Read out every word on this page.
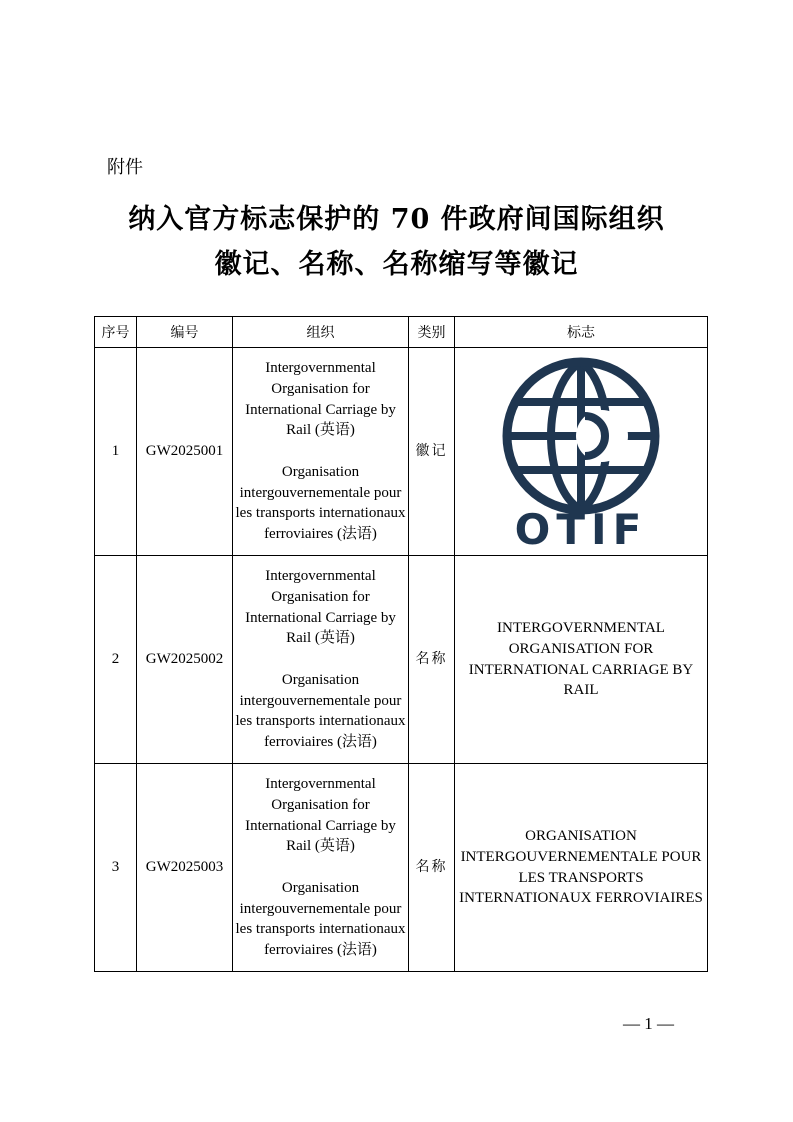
附件
纳入官方标志保护的 70 件政府间国际组织
徽记、名称、名称缩写等徽记
序号	编号	组织	类别	标志
1	GW2025001	Intergovernmental Organisation for International Carriage by Rail (英语)

Organisation intergouvernementale pour les transports internationaux ferroviaires (法语)	徽记	OTIF

2	GW2025002	Intergovernmental Organisation for International Carriage by Rail (英语)

Organisation intergouvernementale pour les transports internationaux ferroviaires (法语)	名称	INTERGOVERNMENTAL ORGANISATION FOR INTERNATIONAL CARRIAGE BY RAIL
3	GW2025003	Intergovernmental Organisation for International Carriage by Rail (英语)

Organisation intergouvernementale pour les transports internationaux ferroviaires (法语)	名称	ORGANISATION INTERGOUVERNEMENTALE POUR LES TRANSPORTS INTERNATIONAUX FERROVIAIRES
— 1 —
